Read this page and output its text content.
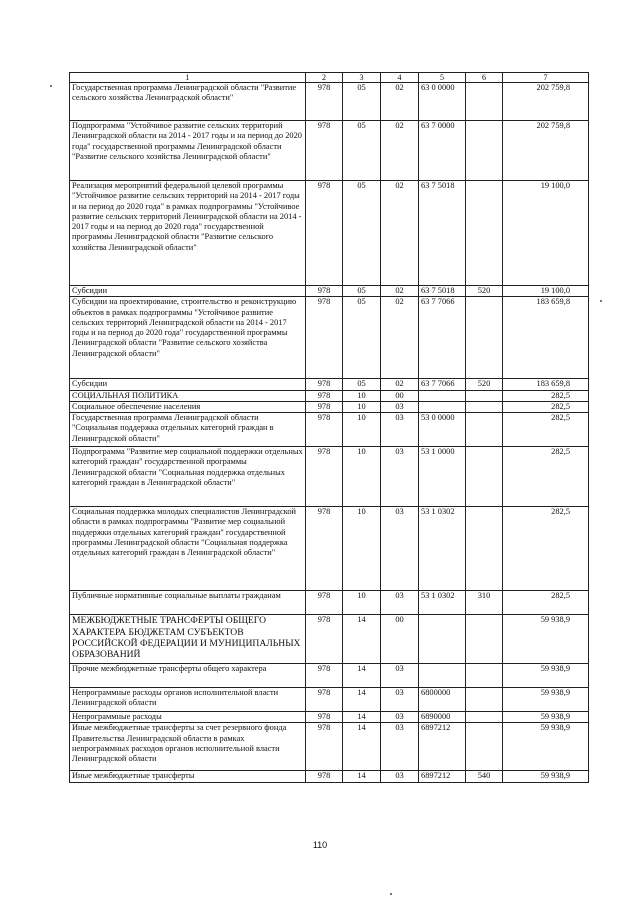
1	2	3	4	5	6	7
Государственная программа Ленинградской области "Развитие сельского хозяйства Ленинградской области"	978	05	02	63 0 0000		202 759,8
Подпрограмма "Устойчивое развитие сельских территорий Ленинградской области на 2014 - 2017 годы и на период до 2020 года" государственной программы Ленинградской области "Развитие сельского хозяйства Ленинградской области"	978	05	02	63 7 0000		202 759,8
Реализация мероприятий федеральной целевой программы "Устойчивое развитие сельских территорий на 2014 - 2017 годы и на период до 2020 года" в рамках подпрограммы "Устойчивое развитие сельских территорий Ленинградской области на 2014 - 2017 годы и на период до 2020 года" государственной программы Ленинградской области "Развитие сельского хозяйства Ленинградской области"	978	05	02	63 7 5018		19 100,0
Субсидии	978	05	02	63 7 5018	520	19 100,0
Субсидии на проектирование, строительство и реконструкцию объектов в рамках подпрограммы "Устойчивое развитие сельских территорий Ленинградской области на 2014 - 2017 годы и на период до 2020 года" государственной программы Ленинградской области "Развитие сельского хозяйства Ленинградской области"	978	05	02	63 7 7066		183 659,8
Субсидии	978	05	02	63 7 7066	520	183 659,8
СОЦИАЛЬНАЯ ПОЛИТИКА	978	10	00			282,5
Социальное обеспечение населения	978	10	03			282,5
Государственная программа Ленинградской области "Социальная поддержка отдельных категорий граждан в Ленинградской области"	978	10	03	53 0 0000		282,5
Подпрограмма "Развитие мер социальной поддержки отдельных категорий граждан" государственной программы Ленинградской области "Социальная поддержка отдельных категорий граждан в Ленинградской области"	978	10	03	53 1 0000		282,5
Социальная поддержка молодых специалистов Ленинградской области в рамках подпрограммы "Развитие мер социальной поддержки отдельных категорий граждан" государственной программы Ленинградской области "Социальная поддержка отдельных категорий граждан в Ленинградской области"	978	10	03	53 1 0302		282,5
Публичные нормативные социальные выплаты гражданам	978	10	03	53 1 0302	310	282,5
МЕЖБЮДЖЕТНЫЕ ТРАНСФЕРТЫ ОБЩЕГО ХАРАКТЕРА БЮДЖЕТАМ СУБЪЕКТОВ РОССИЙСКОЙ ФЕДЕРАЦИИ И МУНИЦИПАЛЬНЫХ ОБРАЗОВАНИЙ	978	14	00			59 938,9
Прочие межбюджетные трансферты общего характера	978	14	03			59 938,9
Непрограммные расходы органов исполнительной власти Ленинградской области	978	14	03	6800000		59 938,9
Непрограммные расходы	978	14	03	6890000		59 938,9
Иные межбюджетные трансферты за счет резервного фонда Правительства Ленинградской области в рамках непрограммных расходов органов исполнительной власти Ленинградской области	978	14	03	6897212		59 938,9
Иные межбюджетные трансферты	978	14	03	6897212	540	59 938,9
110
